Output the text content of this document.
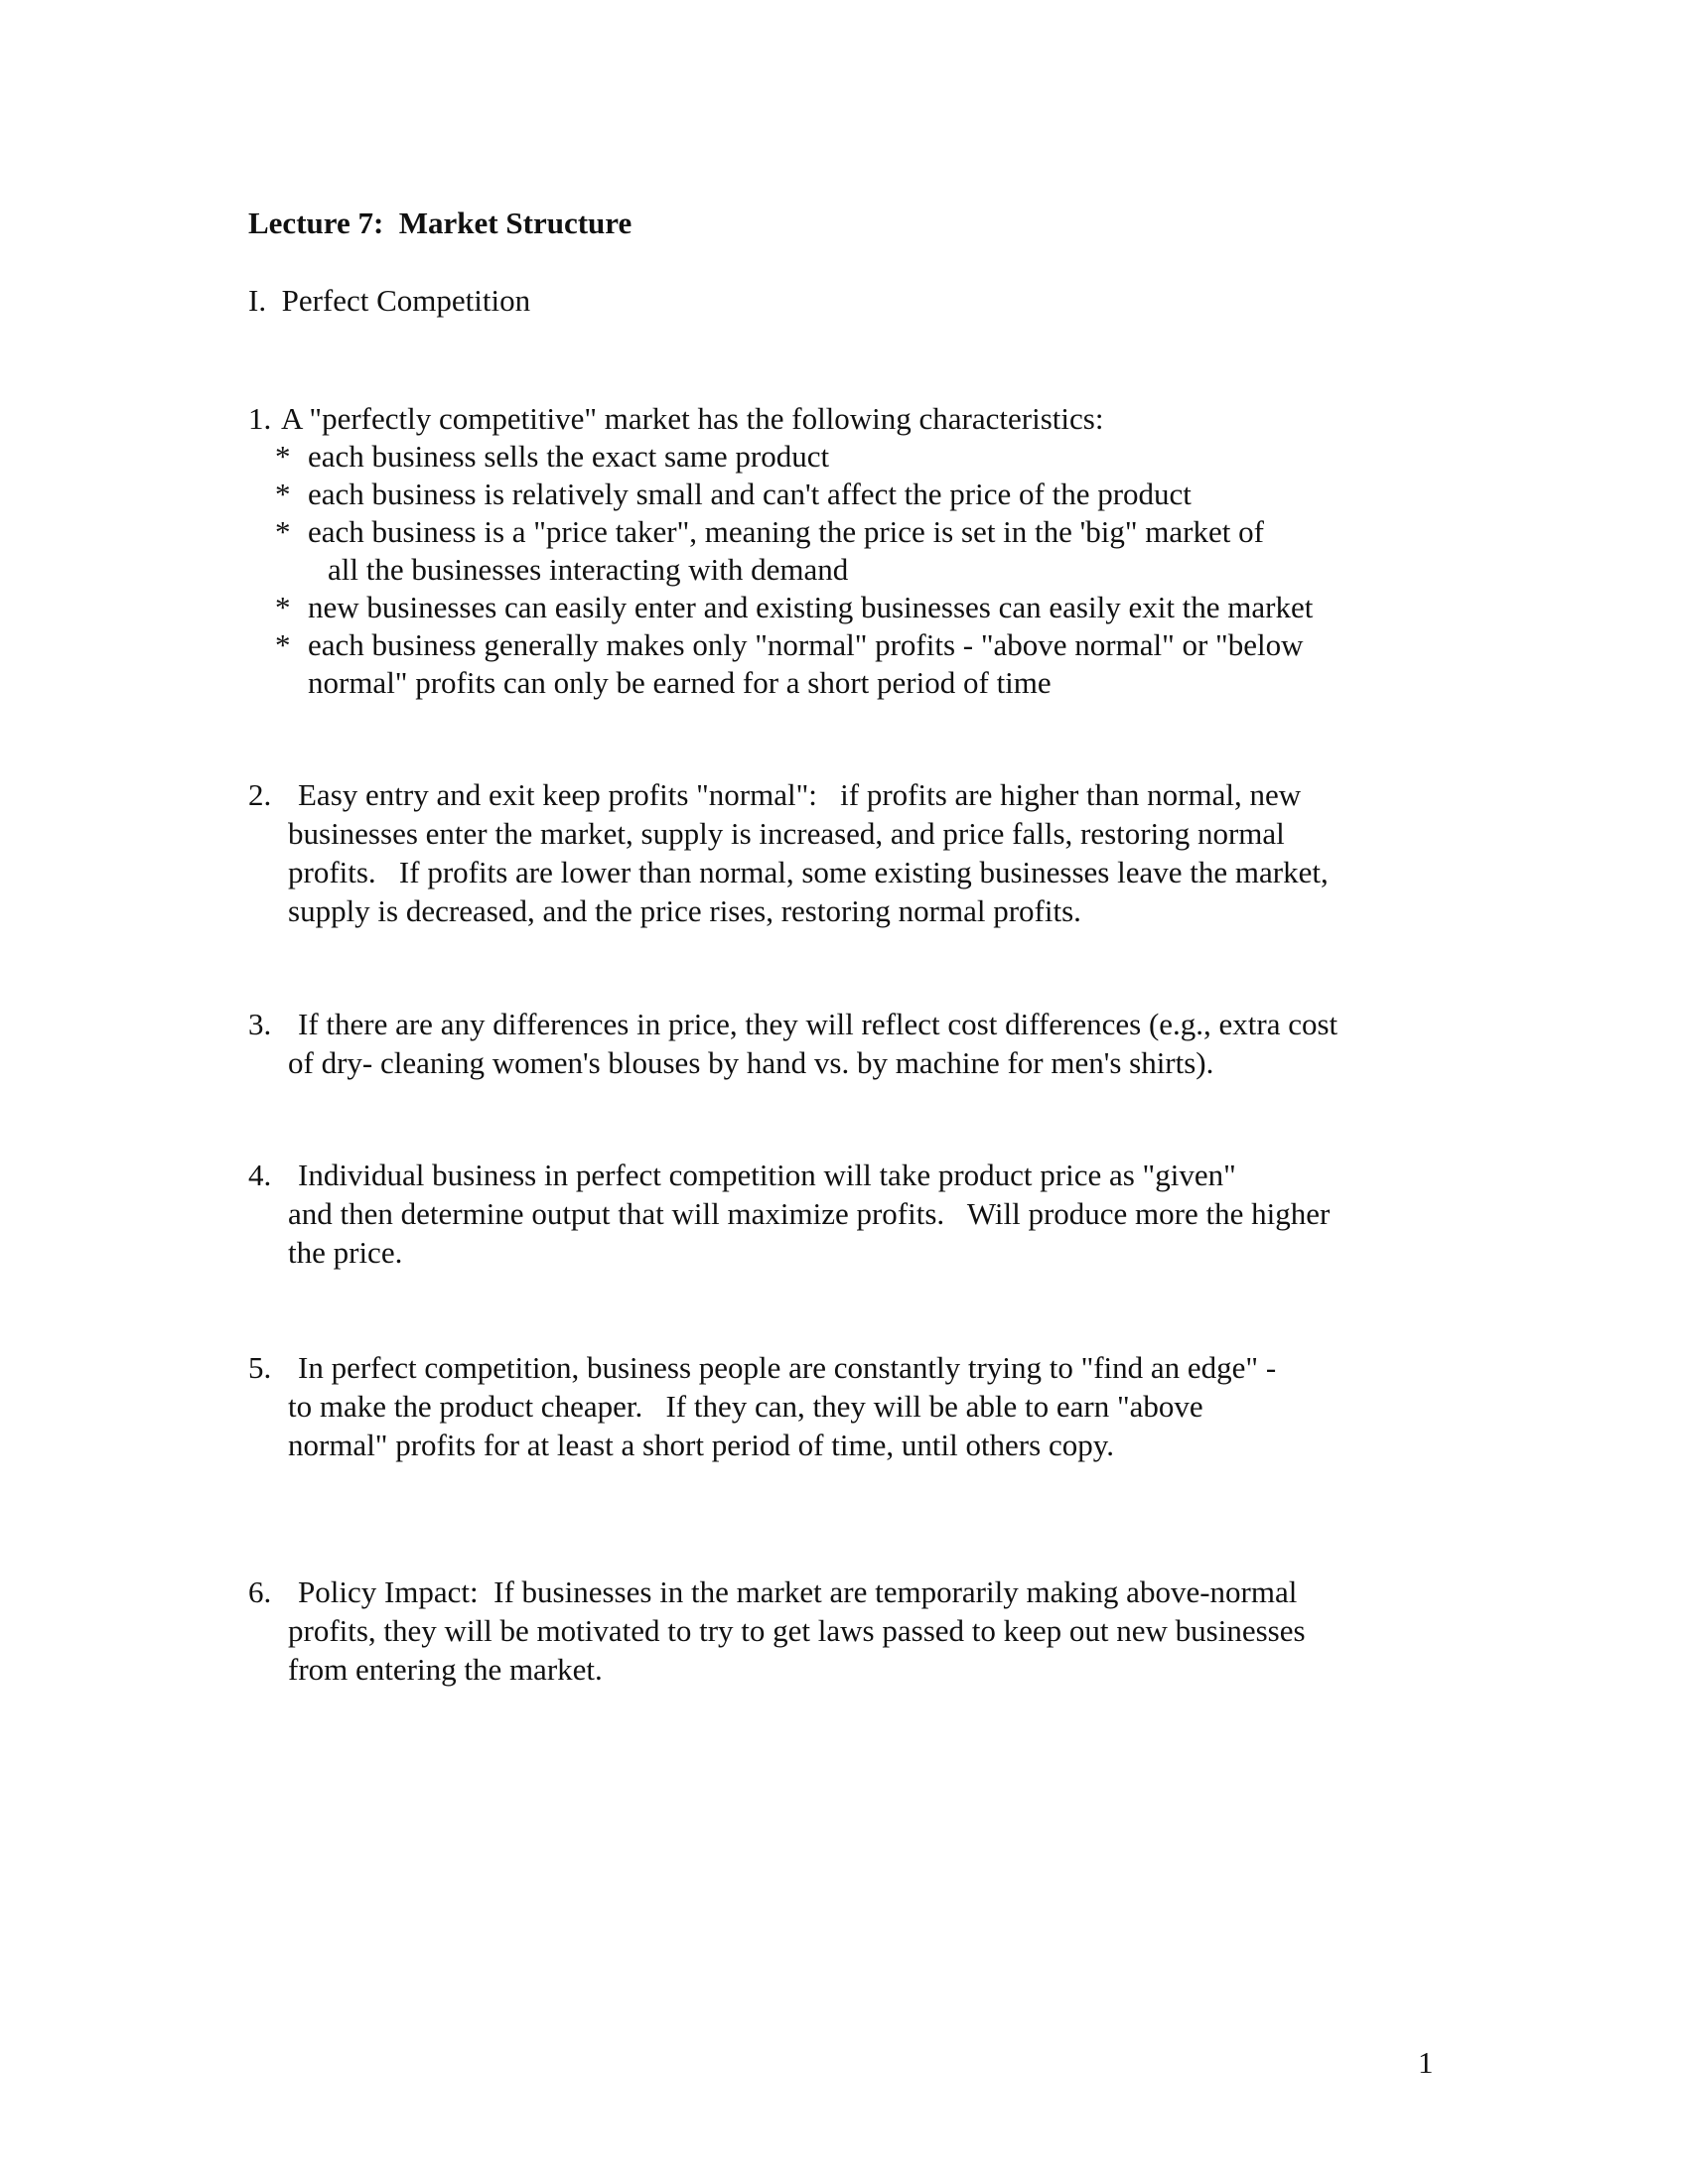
Lecture 7:  Market Structure
I.  Perfect Competition
1. A "perfectly competitive" market has the following characteristics:
* each business sells the exact same product
* each business is relatively small and can't affect the price of the product
* each business is a "price taker", meaning the price is set in the 'big" market of
all the businesses interacting with demand
* new businesses can easily enter and existing businesses can easily exit the market
* each business generally makes only "normal" profits - "above normal" or "below
normal" profits can only be earned for a short period of time
2. Easy entry and exit keep profits "normal":   if profits are higher than normal, new
businesses enter the market, supply is increased, and price falls, restoring normal
profits.   If profits are lower than normal, some existing businesses leave the market,
supply is decreased, and the price rises, restoring normal profits.
3. If there are any differences in price, they will reflect cost differences (e.g., extra cost
of dry- cleaning women's blouses by hand vs. by machine for men's shirts).
4. Individual business in perfect competition will take product price as "given"
and then determine output that will maximize profits.   Will produce more the higher
the price.
5. In perfect competition, business people are constantly trying to "find an edge" -
to make the product cheaper.   If they can, they will be able to earn "above
normal" profits for at least a short period of time, until others copy.
6. Policy Impact:  If businesses in the market are temporarily making above-normal
profits, they will be motivated to try to get laws passed to keep out new businesses
from entering the market.
1
